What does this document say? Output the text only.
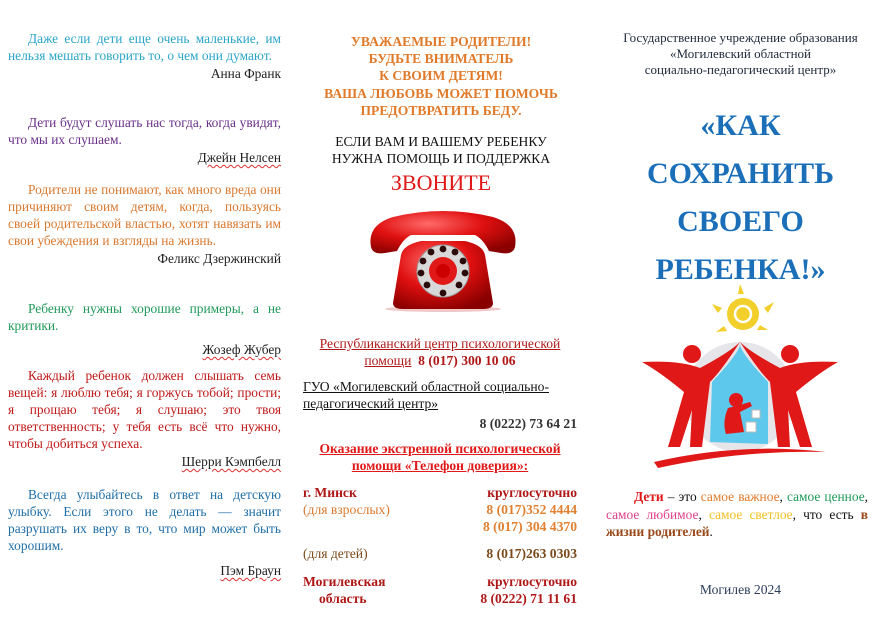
Даже если дети еще очень маленькие, им нельзя мешать говорить то, о чем они думают.

Анна Франк

Дети будут слушать нас тогда, когда увидят, что мы их слушаем.

Джейн Нелсен

Родители не понимают, как много вреда они причиняют своим детям, когда, пользуясь своей родительской властью, хотят навязать им свои убеждения и взгляды на жизнь.

Феликс Дзержинский

Ребенку нужны хорошие примеры, а не критики.

Жозеф Жубер

Каждый ребенок должен слышать семь вещей: я люблю тебя; я горжусь тобой; прости; я прощаю тебя; я слушаю; это твоя ответственность; у тебя есть всё что нужно, чтобы добиться успеха.

Шерри Кэмпбелл

Всегда улыбайтесь в ответ на детскую улыбку. Если этого не делать — значит разрушать их веру в то, что мир может быть хорошим.

Пэм Браун
УВАЖАЕМЫЕ РОДИТЕЛИ!
БУДЬТЕ ВНИМАТЕЛЬ
К СВОИМ ДЕТЯМ!
ВАША ЛЮБОВЬ МОЖЕТ ПОМОЧЬ
ПРЕДОТВРАТИТЬ БЕДУ.
ЕСЛИ ВАМ И ВАШЕМУ РЕБЕНКУ
НУЖНА ПОМОЩЬ И ПОДДЕРЖКА
ЗВОНИТЕ
Республиканский центр психологической
помощи 8 (017) 300 10 06
ГУО «Могилевский областной социально-
педагогический центр»
8 (0222) 73 64 21
Оказание экстренной психологической
помощи «Телефон доверия»:
г. Минск	круглосуточно
(для взрослых)	8 (017)352 4444
8 (017) 304 4370
(для детей)	8 (017)263 0303
Могилевская	круглосуточно
область	8 (0222) 71 11 61
Государственное учреждение образования
«Могилевский областной
социально-педагогический центр»
«КАК
СОХРАНИТЬ
СВОЕГО
РЕБЕНКА!»

Дети – это самое важное, самое ценное, самое любимое, самое светлое, что есть в жизни родителей.

Могилев 2024
